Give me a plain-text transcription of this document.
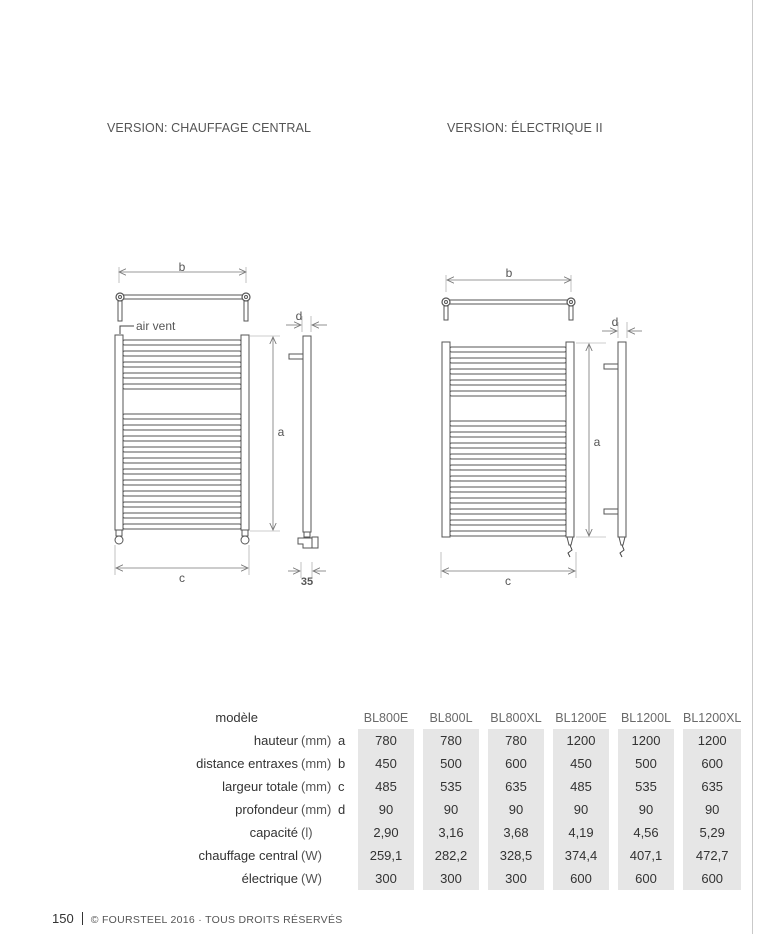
VERSION: CHAUFFAGE CENTRAL	VERSION: ÉLECTRIQUE II
b
air vent
a
c
d
35
b
a
c
d
modèle			BL800E		BL800L		BL800XL		BL1200E		BL1200L		BL1200XL
hauteur	(mm)	a	780		780		780		1200		1200		1200
distance entraxes	(mm)	b	450		500		600		450		500		600
largeur totale	(mm)	c	485		535		635		485		535		635
profondeur	(mm)	d	90		90		90		90		90		90
capacité	(l)		2,90		3,16		3,68		4,19		4,56		5,29
chauffage central	(W)		259,1		282,2		328,5		374,4		407,1		472,7
électrique	(W)		300		300		300		600		600		600
150 © FOURSTEEL 2016 · TOUS DROITS RÉSERVÉS
